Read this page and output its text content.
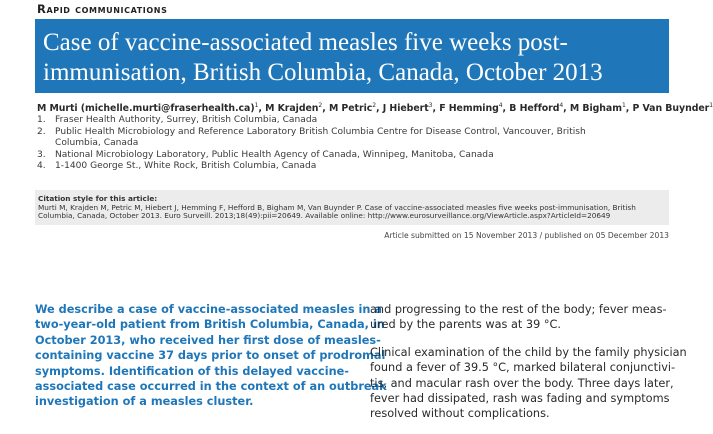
Rapid communications
Case of vaccine-associated measles five weeks post-
immunisation, British Columbia, Canada, October 2013
M Murti (michelle.murti@fraserhealth.ca)$^1$, M Krajden$^2$, M Petric$^2$, J Hiebert$^3$, F Hemming$^4$, B Hefford$^4$, M Bigham$^1$, P Van Buynder$^1$
1.	Fraser Health Authority, Surrey, British Columbia, Canada
2.	Public Health Microbiology and Reference Laboratory British Columbia Centre for Disease Control, Vancouver, British
Columbia, Canada
3.	National Microbiology Laboratory, Public Health Agency of Canada, Winnipeg, Manitoba, Canada
4.	1-1400 George St., White Rock, British Columbia, Canada
Citation style for this article:
Murti M, Krajden M, Petric M, Hiebert J, Hemming F, Hefford B, Bigham M, Van Buynder P. Case of vaccine-associated measles five weeks post-immunisation, British
Columbia, Canada, October 2013. Euro Surveill. 2013;18(49):pii=20649. Available online: http://www.eurosurveillance.org/ViewArticle.aspx?ArticleId=20649
Article submitted on 15 November 2013 / published on 05 December 2013
We describe a case of vaccine-associated measles in a
two-year-old patient from British Columbia, Canada, in
October 2013, who received her first dose of measles-
containing vaccine 37 days prior to onset of prodromal
symptoms. Identification of this delayed vaccine-
associated case occurred in the context of an outbreak
investigation of a measles cluster.
and progressing to the rest of the body; fever meas-
ured by the parents was at 39 °C.
Clinical examination of the child by the family physician
found a fever of 39.5 °C, marked bilateral conjunctivi-
tis, and macular rash over the body. Three days later,
fever had dissipated, rash was fading and symptoms
resolved without complications.
